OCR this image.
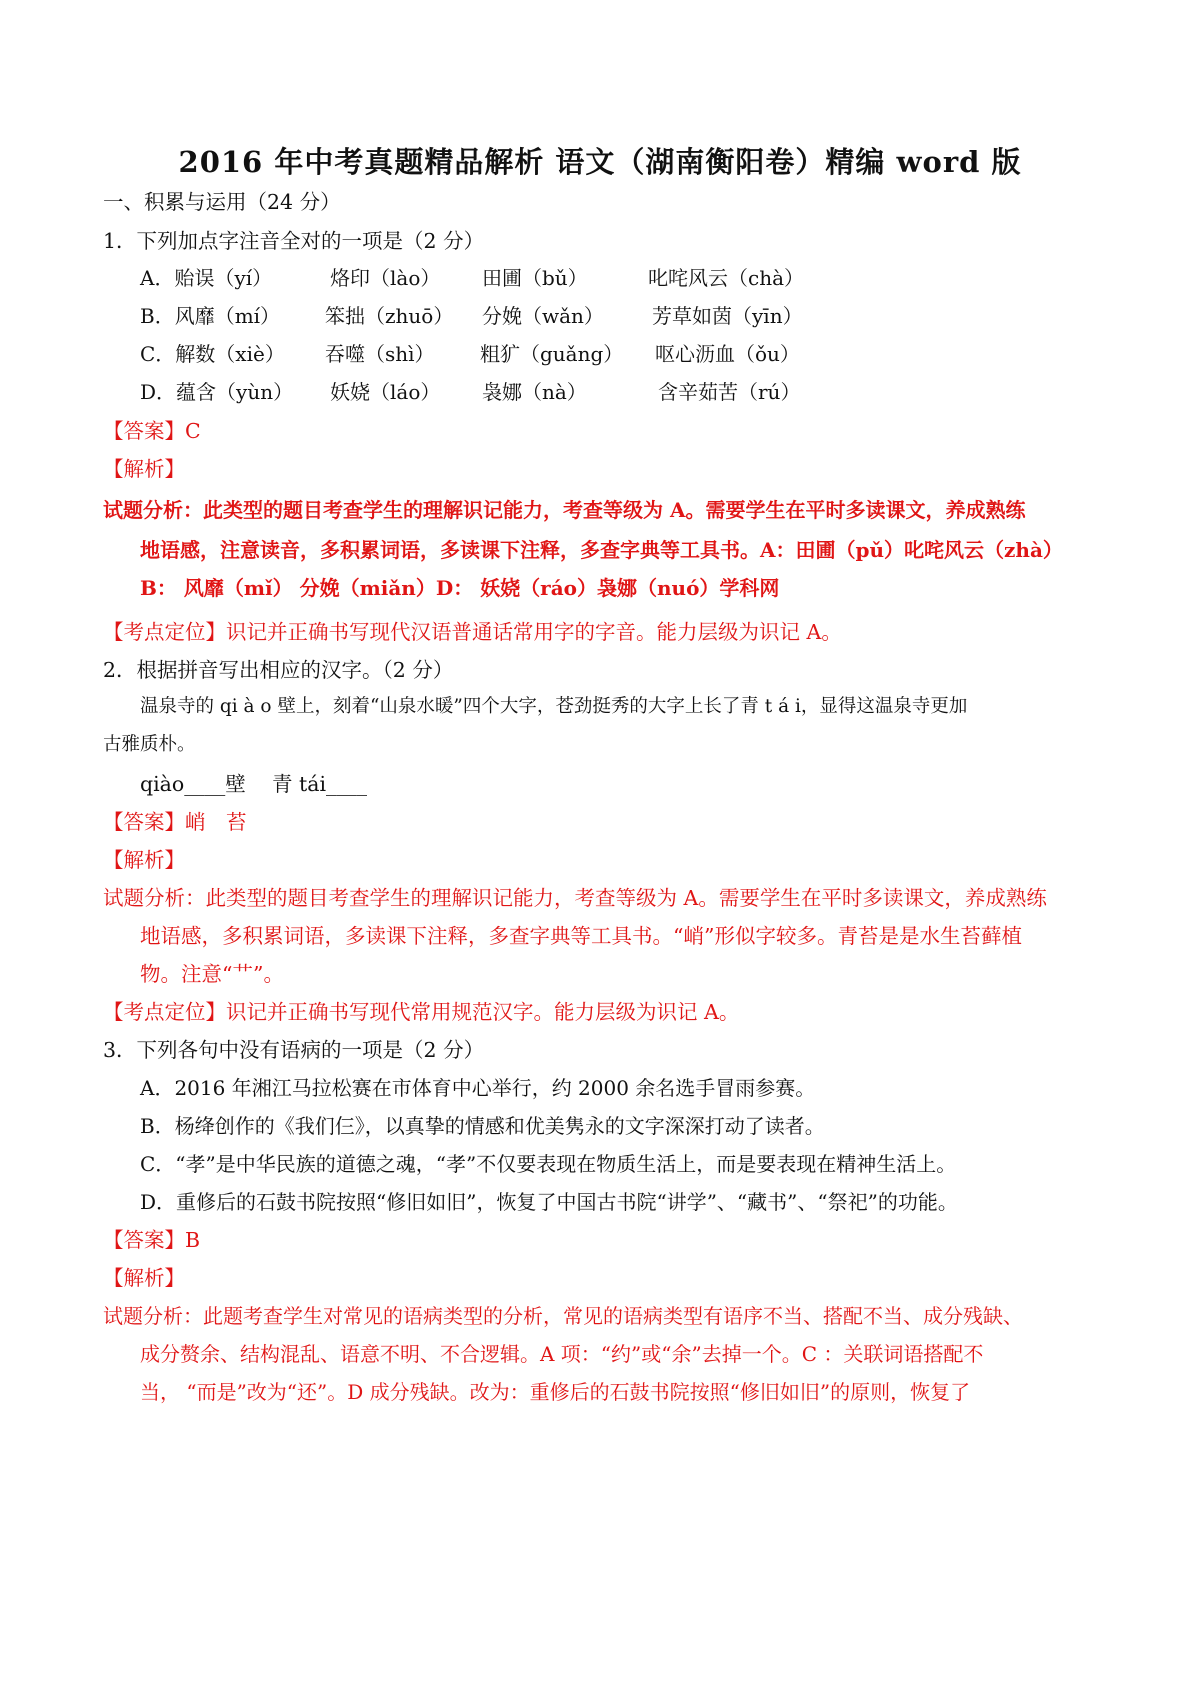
2016 年中考真题精品解析 语文（湖南衡阳卷）精编 word 版
一、积累与运用（24 分）
1．下列加点字注音全对的一项是（2 分）
A．贻误（yí）	烙印（lào） 田圃（bǔ）	叱咤风云（chà）
B．风靡（mí） 笨拙（zhuō） 分娩（wǎn） 芳草如茵（yīn）
C．解数（xiè） 吞噬（shì） 粗犷（guǎng） 呕心沥血（ǒu）
D．蕴含（yùn） 妖娆（láo） 袅娜（nà）	含辛茹苦（rú）
【答案】C
【解析】
试题分析：此类型的题目考查学生的理解识记能力，考查等级为 A。需要学生在平时多读课文，养成熟练
地语感，注意读音，多积累词语，多读课下注释，多查字典等工具书。A：田圃（pǔ）叱咤风云（zhà）
B： 风靡（mǐ） 分娩（miǎn）D： 妖娆（ráo）袅娜（nuó）学科网
【考点定位】识记并正确书写现代汉语普通话常用字的字音。能力层级为识记 A。
2．根据拼音写出相应的汉字。（2 分）
温泉寺的 qi à o 壁上，刻着“山泉水暖”四个大字，苍劲挺秀的大字上长了青 t á i，显得这温泉寺更加
古雅质朴。
qiào____壁 青 tái____
【答案】峭　苔
【解析】
试题分析：此类型的题目考查学生的理解识记能力，考查等级为 A。需要学生在平时多读课文，养成熟练
地语感，多积累词语，多读课下注释，多查字典等工具书。“峭”形似字较多。青苔是是水生苔藓植
物。注意“艹”。
【考点定位】识记并正确书写现代常用规范汉字。能力层级为识记 A。
3．下列各句中没有语病的一项是（2 分）
A．2016 年湘江马拉松赛在市体育中心举行，约 2000 余名选手冒雨参赛。
B．杨绛创作的《我们仨》，以真挚的情感和优美隽永的文字深深打动了读者。
C．“孝”是中华民族的道德之魂，“孝”不仅要表现在物质生活上，而是要表现在精神生活上。
D．重修后的石鼓书院按照“修旧如旧”，恢复了中国古书院“讲学”、“藏书”、“祭祀”的功能。
【答案】B
【解析】
试题分析：此题考查学生对常见的语病类型的分析，常见的语病类型有语序不当、搭配不当、成分残缺、
成分赘余、结构混乱、语意不明、不合逻辑。A 项：“约”或“余”去掉一个。C ：关联词语搭配不
当， “而是”改为“还”。D 成分残缺。改为：重修后的石鼓书院按照“修旧如旧”的原则，恢复了
